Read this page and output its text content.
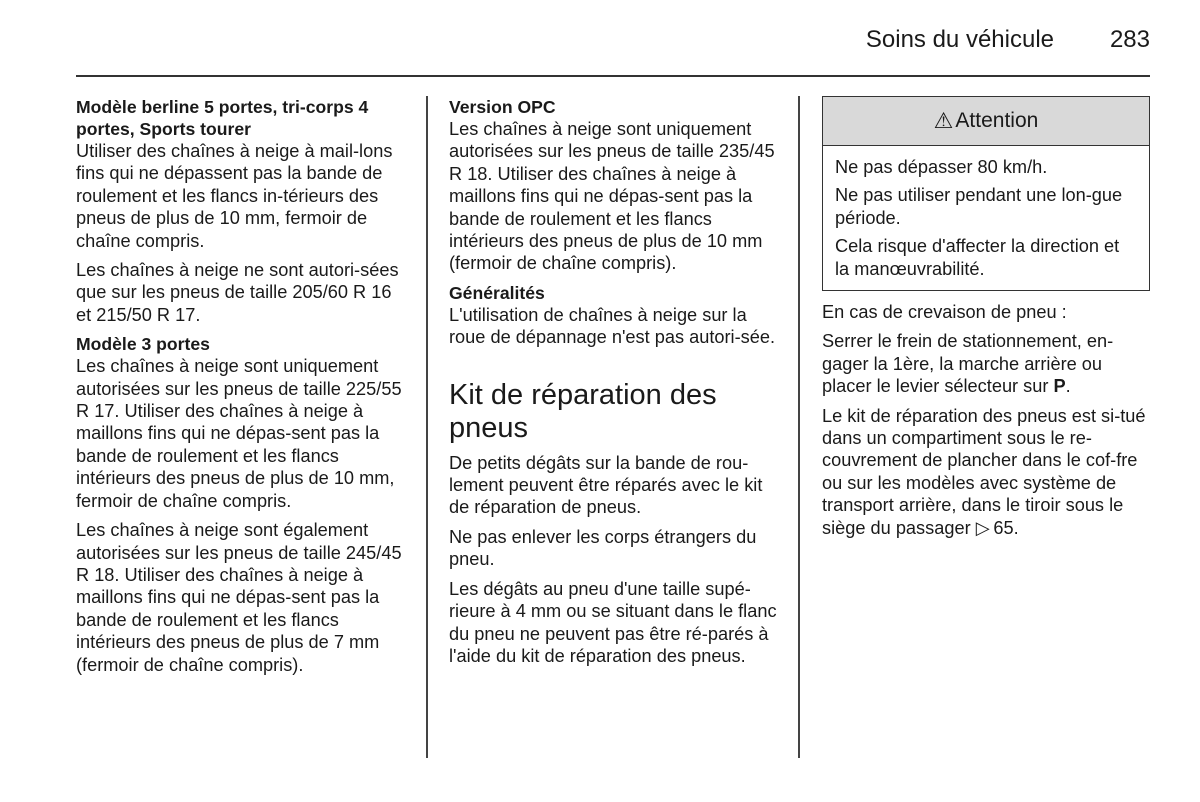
Soins du véhicule 283
Modèle berline 5 portes, tri-corps 4 portes, Sports tourer

Utiliser des chaînes à neige à mail-lons fins qui ne dépassent pas la bande de roulement et les flancs in-térieurs des pneus de plus de 10 mm, fermoir de chaîne compris.

Les chaînes à neige ne sont autori-sées que sur les pneus de taille 205/60 R 16 et 215/50 R 17.

Modèle 3 portes

Les chaînes à neige sont uniquement autorisées sur les pneus de taille 225/55 R 17. Utiliser des chaînes à neige à maillons fins qui ne dépas-sent pas la bande de roulement et les flancs intérieurs des pneus de plus de 10 mm, fermoir de chaîne compris.

Les chaînes à neige sont également autorisées sur les pneus de taille 245/45 R 18. Utiliser des chaînes à neige à maillons fins qui ne dépas-sent pas la bande de roulement et les flancs intérieurs des pneus de plus de 7 mm (fermoir de chaîne compris).

Version OPC

Les chaînes à neige sont uniquement autorisées sur les pneus de taille 235/45 R 18. Utiliser des chaînes à neige à maillons fins qui ne dépas-sent pas la bande de roulement et les flancs intérieurs des pneus de plus de 10 mm (fermoir de chaîne compris).

Généralités

L'utilisation de chaînes à neige sur la roue de dépannage n'est pas autori-sée.

Kit de réparation des pneus

De petits dégâts sur la bande de rou-lement peuvent être réparés avec le kit de réparation de pneus.

Ne pas enlever les corps étrangers du pneu.

Les dégâts au pneu d'une taille supé-rieure à 4 mm ou se situant dans le flanc du pneu ne peuvent pas être ré-parés à l'aide du kit de réparation des pneus.

⚠ Attention

Ne pas dépasser 80 km/h.

Ne pas utiliser pendant une lon-gue période.

Cela risque d'affecter la direction et la manœuvrabilité.

En cas de crevaison de pneu :

Serrer le frein de stationnement, en-gager la 1ère, la marche arrière ou placer le levier sélecteur sur P.

Le kit de réparation des pneus est si-tué dans un compartiment sous le re-couvrement de plancher dans le cof-fre ou sur les modèles avec système de transport arrière, dans le tiroir sous le siège du passager ▷  65.
